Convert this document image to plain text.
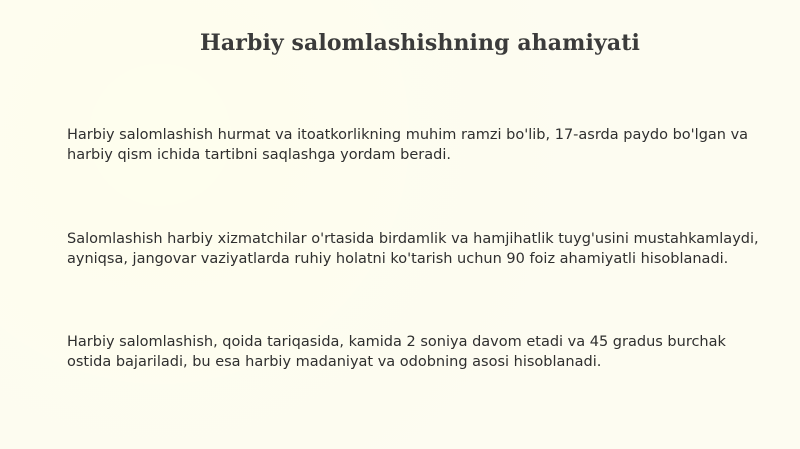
Harbiy salomlashishning ahamiyati

Harbiy salomlashish hurmat va itoatkorlikning muhim ramzi bo'lib, 17-asrda paydo bo'lgan va harbiy qism ichida tartibni saqlashga yordam beradi.

Salomlashish harbiy xizmatchilar o'rtasida birdamlik va hamjihatlik tuyg'usini mustahkamlaydi, ayniqsa, jangovar vaziyatlarda ruhiy holatni ko'tarish uchun 90 foiz ahamiyatli hisoblanadi.

Harbiy salomlashish, qoida tariqasida, kamida 2 soniya davom etadi va 45 gradus burchak ostida bajariladi, bu esa harbiy madaniyat va odobning asosi hisoblanadi.
